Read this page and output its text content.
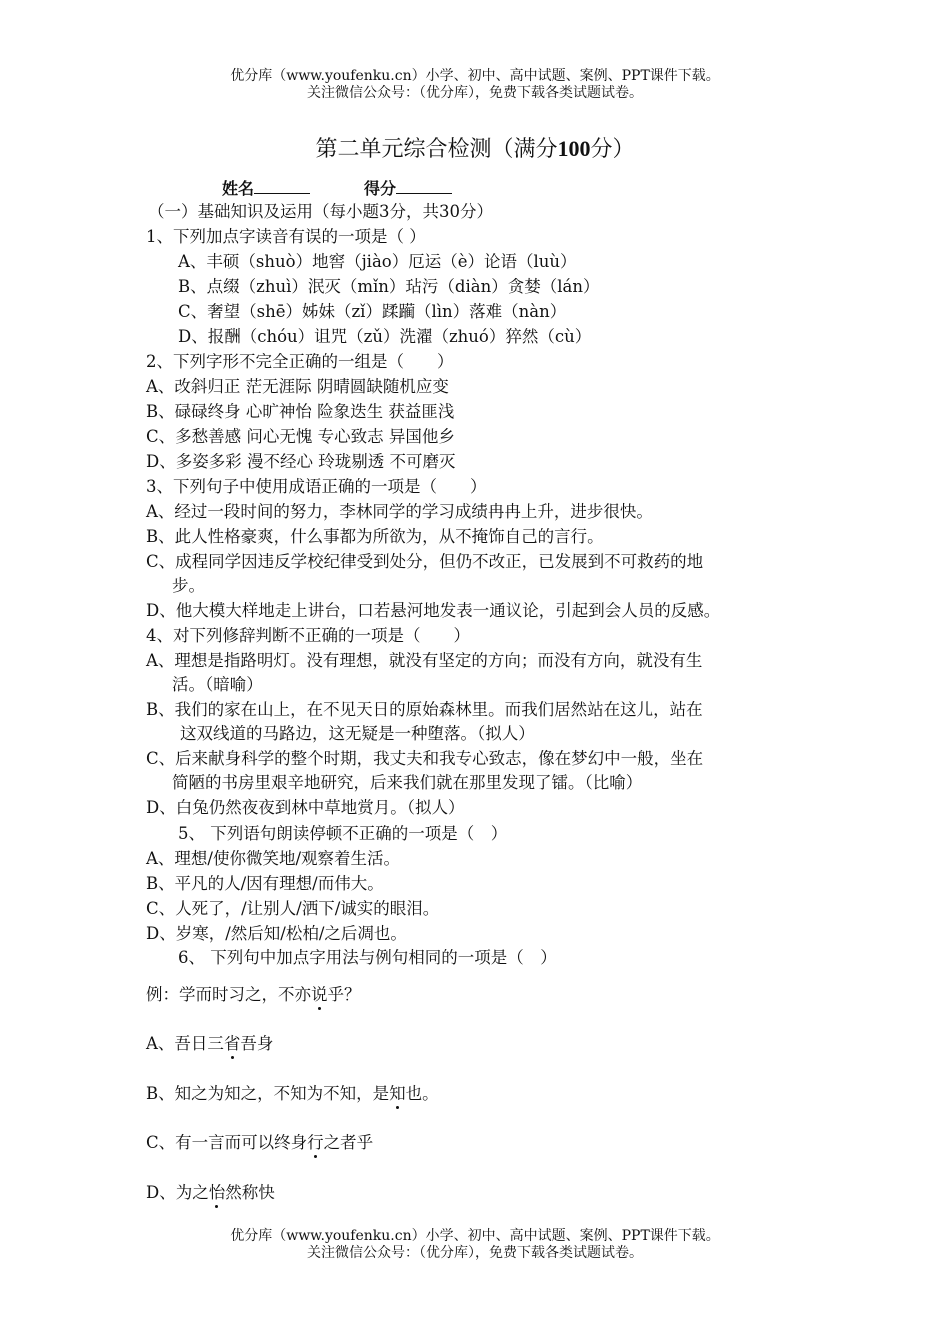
优分库（www.youfenku.cn）小学、初中、高中试题、案例、PPT课件下载。
关注微信公众号：（优分库），免费下载各类试题试卷。
第二单元综合检测（满分100分）
姓名	得分
（一）基础知识及运用（每小题3分，共30分）
1、下列加点字读音有误的一项是（ ）
A、丰硕（shuò）地窖（jiào）厄运（è）论语（luù）
B、点缀（zhuì）泯灭（mǐn）玷污（diàn）贪婪（lán）
C、奢望（shē）姊妹（zǐ）蹂躏（lìn）落难（nàn）
D、报酬（chóu）诅咒（zǔ）洗濯（zhuó）猝然（cù）
2、下列字形不完全正确的一组是（　　）
A、改斜归正 茫无涯际 阴晴圆缺随机应变
B、碌碌终身 心旷神怡 险象迭生 获益匪浅
C、多愁善感 问心无愧 专心致志 异国他乡
D、多姿多彩 漫不经心 玲珑剔透 不可磨灭
3、下列句子中使用成语正确的一项是（　　）
A、经过一段时间的努力，李林同学的学习成绩冉冉上升，进步很快。
B、此人性格豪爽，什么事都为所欲为，从不掩饰自己的言行。
C、成程同学因违反学校纪律受到处分，但仍不改正，已发展到不可救药的地
步。
D、他大模大样地走上讲台，口若悬河地发表一通议论，引起到会人员的反感。
4、对下列修辞判断不正确的一项是（　　）
A、理想是指路明灯。没有理想，就没有坚定的方向；而没有方向，就没有生
活。（暗喻）
B、我们的家在山上，在不见天日的原始森林里。而我们居然站在这儿，站在
这双线道的马路边，这无疑是一种堕落。（拟人）
C、后来献身科学的整个时期，我丈夫和我专心致志，像在梦幻中一般，坐在
简陋的书房里艰辛地研究，后来我们就在那里发现了镭。（比喻）
D、白兔仍然夜夜到林中草地赏月。（拟人）
5、 下列语句朗读停顿不正确的一项是（　）
A、理想/使你微笑地/观察着生活。
B、平凡的人/因有理想/而伟大。
C、人死了，/让别人/洒下/诚实的眼泪。
D、岁寒，/然后知/松柏/之后凋也。
6、 下列句中加点字用法与例句相同的一项是（　）
例：学而时习之，不亦说乎？
A、吾日三省吾身
B、知之为知之，不知为不知，是知也。
C、有一言而可以终身行之者乎
D、为之怡然称快
优分库（www.youfenku.cn）小学、初中、高中试题、案例、PPT课件下载。
关注微信公众号：（优分库），免费下载各类试题试卷。
